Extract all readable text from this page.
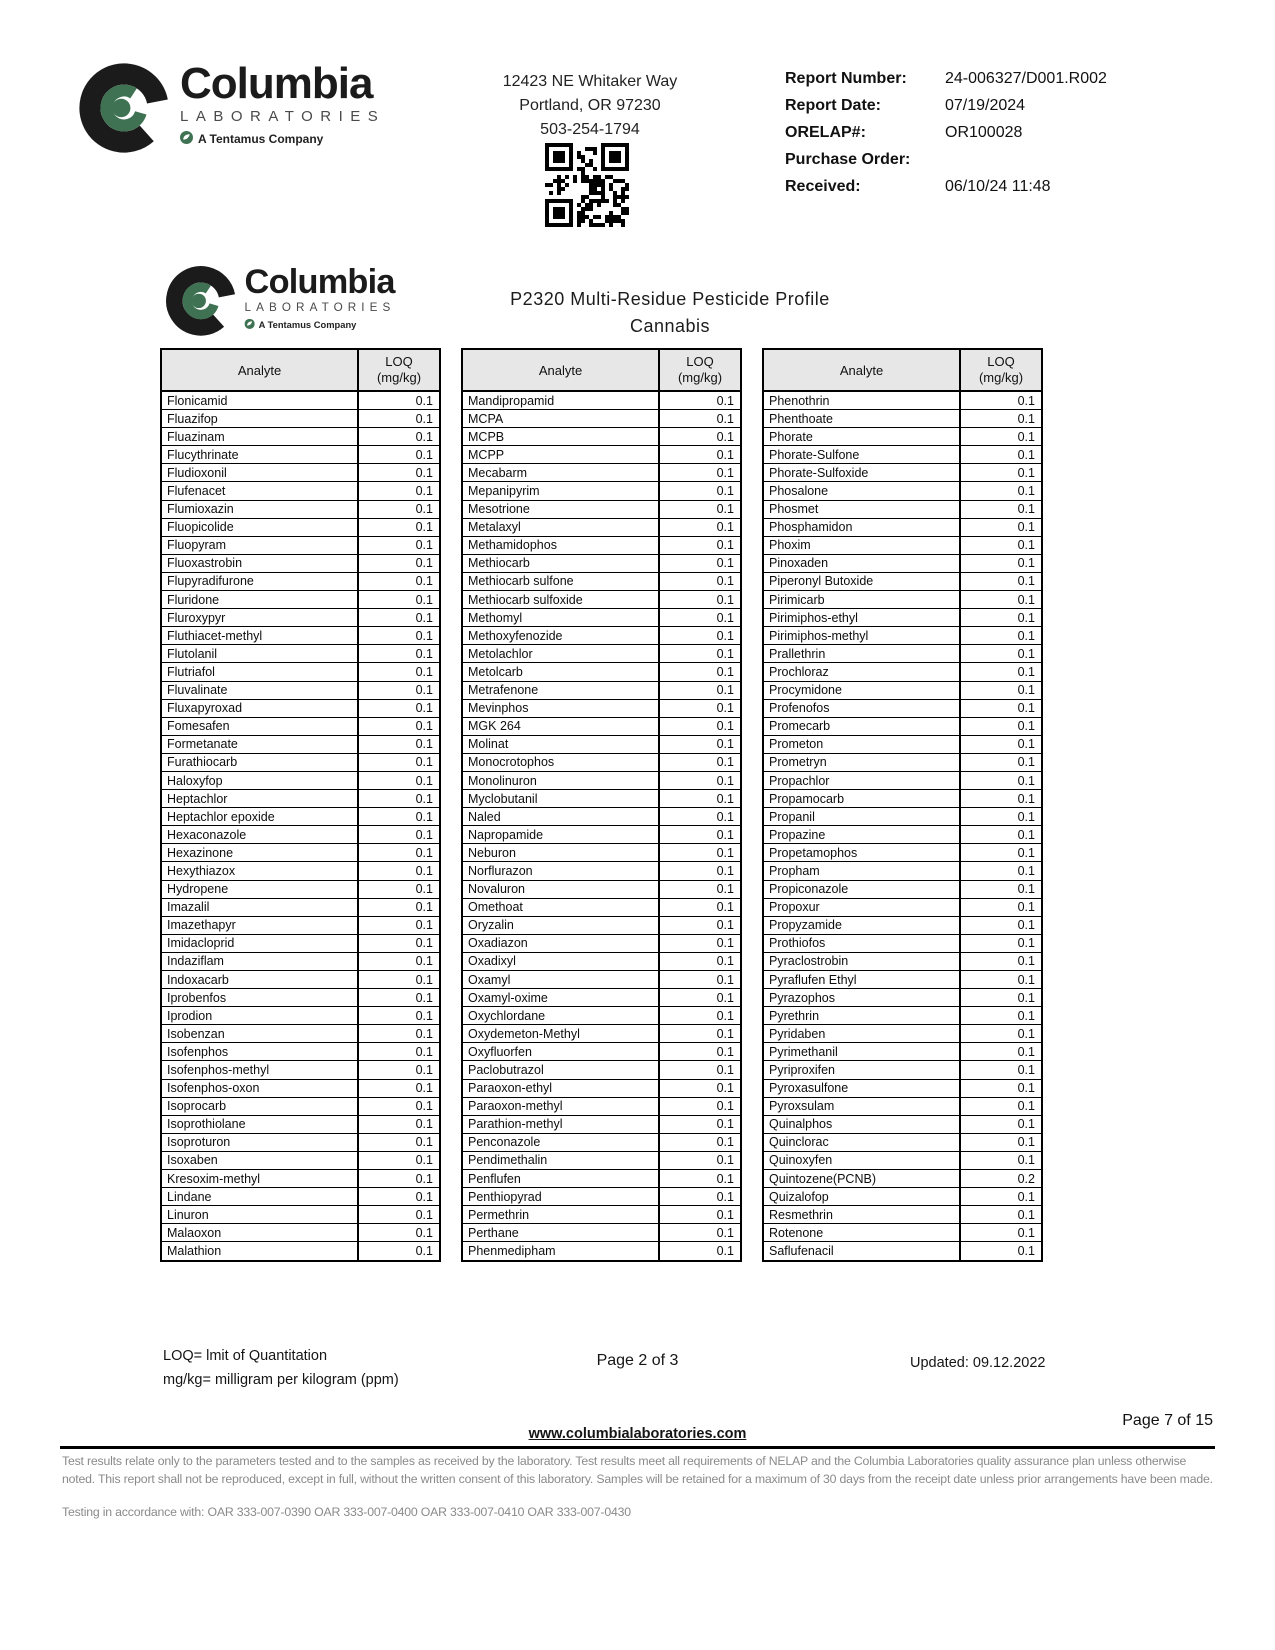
Columbia
LABORATORIES
A Tentamus Company
12423 NE Whitaker Way
Portland, OR 97230
503-254-1794
Report Number:	24-006327/D001.R002
Report Date:	07/19/2024
ORELAP#:	OR100028
Purchase Order:
Received:	06/10/24 11:48
Columbia
LABORATORIES
A Tentamus Company
P2320 Multi-Residue Pesticide Profile
Cannabis
Analyte
LOQ
(mg/kg)
Flonicamid	0.1
Fluazifop	0.1
Fluazinam	0.1
Flucythrinate	0.1
Fludioxonil	0.1
Flufenacet	0.1
Flumioxazin	0.1
Fluopicolide	0.1
Fluopyram	0.1
Fluoxastrobin	0.1
Flupyradifurone	0.1
Fluridone	0.1
Fluroxypyr	0.1
Fluthiacet-methyl	0.1
Flutolanil	0.1
Flutriafol	0.1
Fluvalinate	0.1
Fluxapyroxad	0.1
Fomesafen	0.1
Formetanate	0.1
Furathiocarb	0.1
Haloxyfop	0.1
Heptachlor	0.1
Heptachlor epoxide	0.1
Hexaconazole	0.1
Hexazinone	0.1
Hexythiazox	0.1
Hydropene	0.1
Imazalil	0.1
Imazethapyr	0.1
Imidacloprid	0.1
Indaziflam	0.1
Indoxacarb	0.1
Iprobenfos	0.1
Iprodion	0.1
Isobenzan	0.1
Isofenphos	0.1
Isofenphos-methyl	0.1
Isofenphos-oxon	0.1
Isoprocarb	0.1
Isoprothiolane	0.1
Isoproturon	0.1
Isoxaben	0.1
Kresoxim-methyl	0.1
Lindane	0.1
Linuron	0.1
Malaoxon	0.1
Malathion	0.1
Analyte
LOQ
(mg/kg)
Mandipropamid	0.1
MCPA	0.1
MCPB	0.1
MCPP	0.1
Mecabarm	0.1
Mepanipyrim	0.1
Mesotrione	0.1
Metalaxyl	0.1
Methamidophos	0.1
Methiocarb	0.1
Methiocarb sulfone	0.1
Methiocarb sulfoxide	0.1
Methomyl	0.1
Methoxyfenozide	0.1
Metolachlor	0.1
Metolcarb	0.1
Metrafenone	0.1
Mevinphos	0.1
MGK 264	0.1
Molinat	0.1
Monocrotophos	0.1
Monolinuron	0.1
Myclobutanil	0.1
Naled	0.1
Napropamide	0.1
Neburon	0.1
Norflurazon	0.1
Novaluron	0.1
Omethoat	0.1
Oryzalin	0.1
Oxadiazon	0.1
Oxadixyl	0.1
Oxamyl	0.1
Oxamyl-oxime	0.1
Oxychlordane	0.1
Oxydemeton-Methyl	0.1
Oxyfluorfen	0.1
Paclobutrazol	0.1
Paraoxon-ethyl	0.1
Paraoxon-methyl	0.1
Parathion-methyl	0.1
Penconazole	0.1
Pendimethalin	0.1
Penflufen	0.1
Penthiopyrad	0.1
Permethrin	0.1
Perthane	0.1
Phenmedipham	0.1
Analyte
LOQ
(mg/kg)
Phenothrin	0.1
Phenthoate	0.1
Phorate	0.1
Phorate-Sulfone	0.1
Phorate-Sulfoxide	0.1
Phosalone	0.1
Phosmet	0.1
Phosphamidon	0.1
Phoxim	0.1
Pinoxaden	0.1
Piperonyl Butoxide	0.1
Pirimicarb	0.1
Pirimiphos-ethyl	0.1
Pirimiphos-methyl	0.1
Prallethrin	0.1
Prochloraz	0.1
Procymidone	0.1
Profenofos	0.1
Promecarb	0.1
Prometon	0.1
Prometryn	0.1
Propachlor	0.1
Propamocarb	0.1
Propanil	0.1
Propazine	0.1
Propetamophos	0.1
Propham	0.1
Propiconazole	0.1
Propoxur	0.1
Propyzamide	0.1
Prothiofos	0.1
Pyraclostrobin	0.1
Pyraflufen Ethyl	0.1
Pyrazophos	0.1
Pyrethrin	0.1
Pyridaben	0.1
Pyrimethanil	0.1
Pyriproxifen	0.1
Pyroxasulfone	0.1
Pyroxsulam	0.1
Quinalphos	0.1
Quinclorac	0.1
Quinoxyfen	0.1
Quintozene(PCNB)	0.2
Quizalofop	0.1
Resmethrin	0.1
Rotenone	0.1
Saflufenacil	0.1
LOQ= lmit of Quantitation
mg/kg= milligram per kilogram (ppm)
Page 2 of 3	Updated: 09.12.2022
Page 7 of 15
www.columbialaboratories.com
Test results relate only to the parameters tested and to the samples as received by the laboratory. Test results meet all requirements of NELAP and the Columbia Laboratories quality assurance plan unless otherwise noted. This report shall not be reproduced, except in full, without the written consent of this laboratory. Samples will be retained for a maximum of 30 days from the receipt date unless prior arrangements have been made.
Testing in accordance with: OAR 333-007-0390 OAR 333-007-0400 OAR 333-007-0410 OAR 333-007-0430
